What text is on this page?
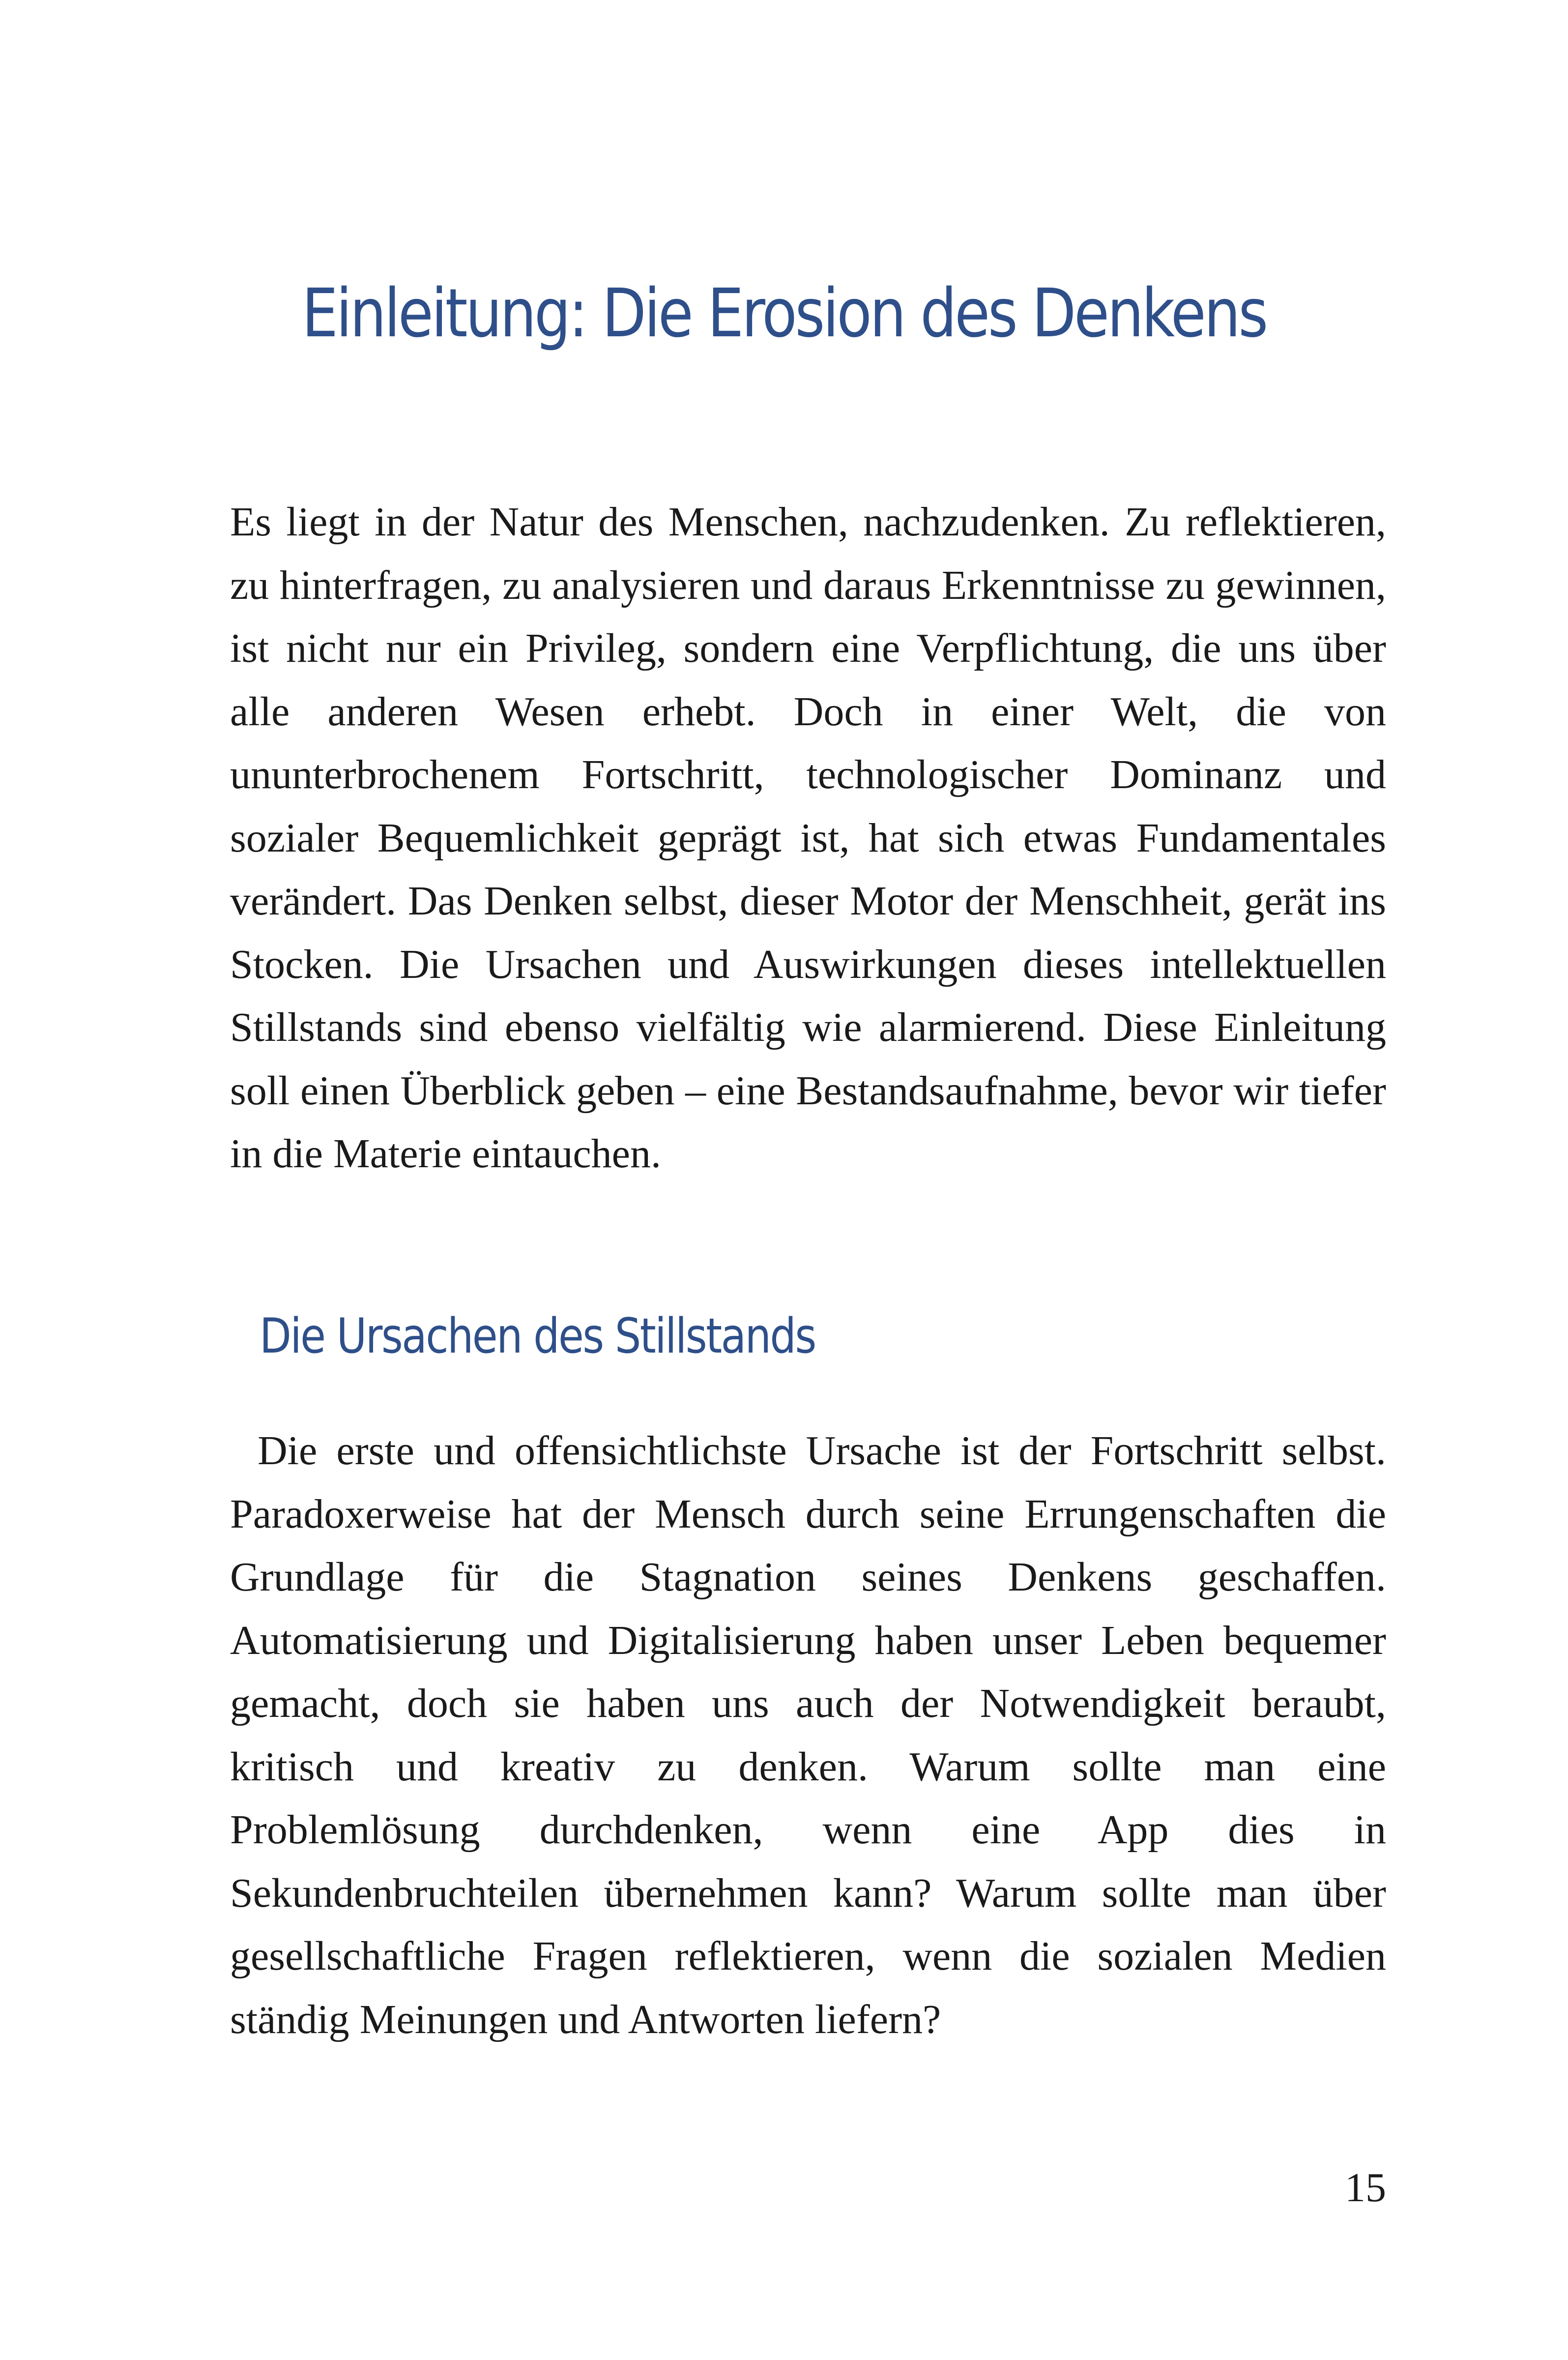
Einleitung: Die Erosion des Denkens

Es liegt in der Natur des Menschen, nachzudenken. Zu reflektieren, zu hinterfragen, zu analysieren und daraus Erkenntnisse zu gewinnen, ist nicht nur ein Privileg, sondern eine Verpflichtung, die uns über alle anderen Wesen erhebt. Doch in einer Welt, die von ununterbrochenem Fortschritt, technologischer Dominanz und sozialer Bequemlichkeit geprägt ist, hat sich etwas Fundamentales verändert. Das Denken selbst, dieser Motor der Menschheit, gerät ins Stocken. Die Ursachen und Auswirkungen dieses intellektuellen Stillstands sind ebenso vielfältig wie alarmierend. Diese Einleitung soll einen Überblick geben – eine Bestandsaufnahme, bevor wir tiefer in die Materie eintauchen.

Die Ursachen des Stillstands

Die erste und offensichtlichste Ursache ist der Fortschritt selbst. Paradoxerweise hat der Mensch durch seine Errungenschaften die Grundlage für die Stagnation seines Denkens geschaffen. Automatisierung und Digitalisierung haben unser Leben bequemer gemacht, doch sie haben uns auch der Notwendigkeit beraubt, kritisch und kreativ zu denken. Warum sollte man eine Problemlösung durchdenken, wenn eine App dies in Sekundenbruchteilen übernehmen kann? Warum sollte man über gesellschaftliche Fragen reflektieren, wenn die sozialen Medien ständig Meinungen und Antworten liefern?

15
